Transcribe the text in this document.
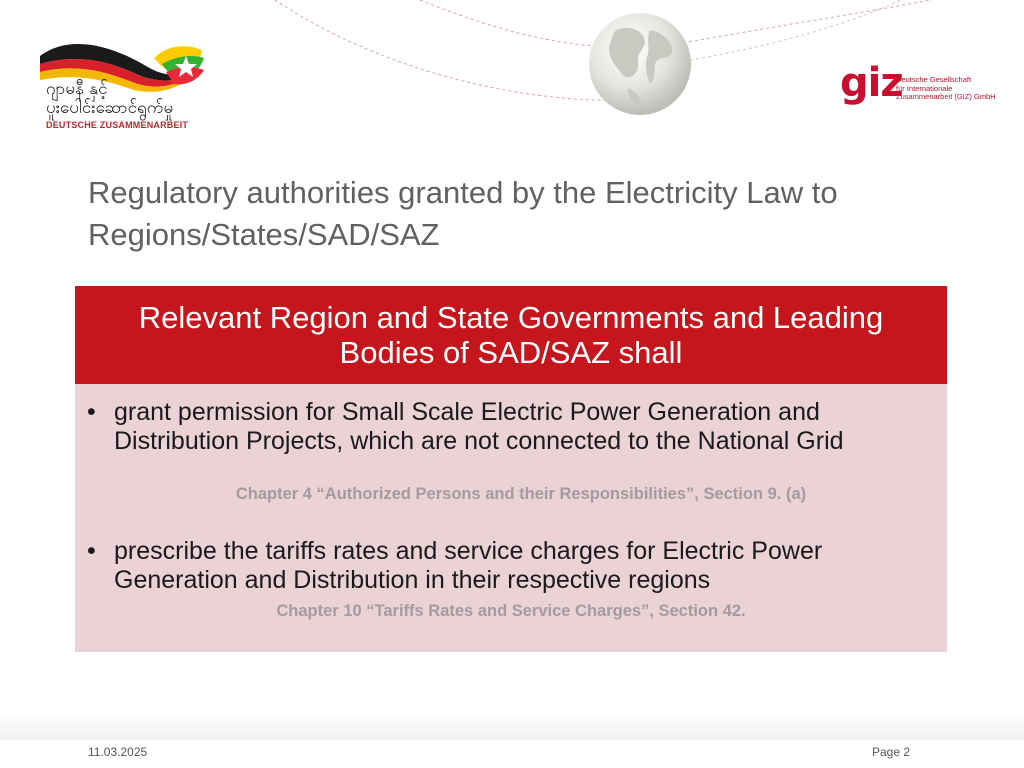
ဂျာမနီ နှင့်
ပူးပေါင်းဆောင်ရွက်မှု
DEUTSCHE ZUSAMMENARBEIT
giz
Deutsche Gesellschaft
für Internationale
Zusammenarbeit (GIZ) GmbH
Regulatory authorities granted by the Electricity Law to Regions/States/SAD/SAZ
Relevant Region and State Governments and Leading Bodies of SAD/SAZ shall
• grant permission for Small Scale Electric Power Generation and Distribution Projects, which are not connected to the National Grid
Chapter 4 “Authorized Persons and their Responsibilities”, Section 9. (a)
• prescribe the tariffs rates and service charges for Electric Power Generation and Distribution in their respective regions
Chapter 10 “Tariffs Rates and Service Charges”, Section 42.
11.03.2025	Page 2
